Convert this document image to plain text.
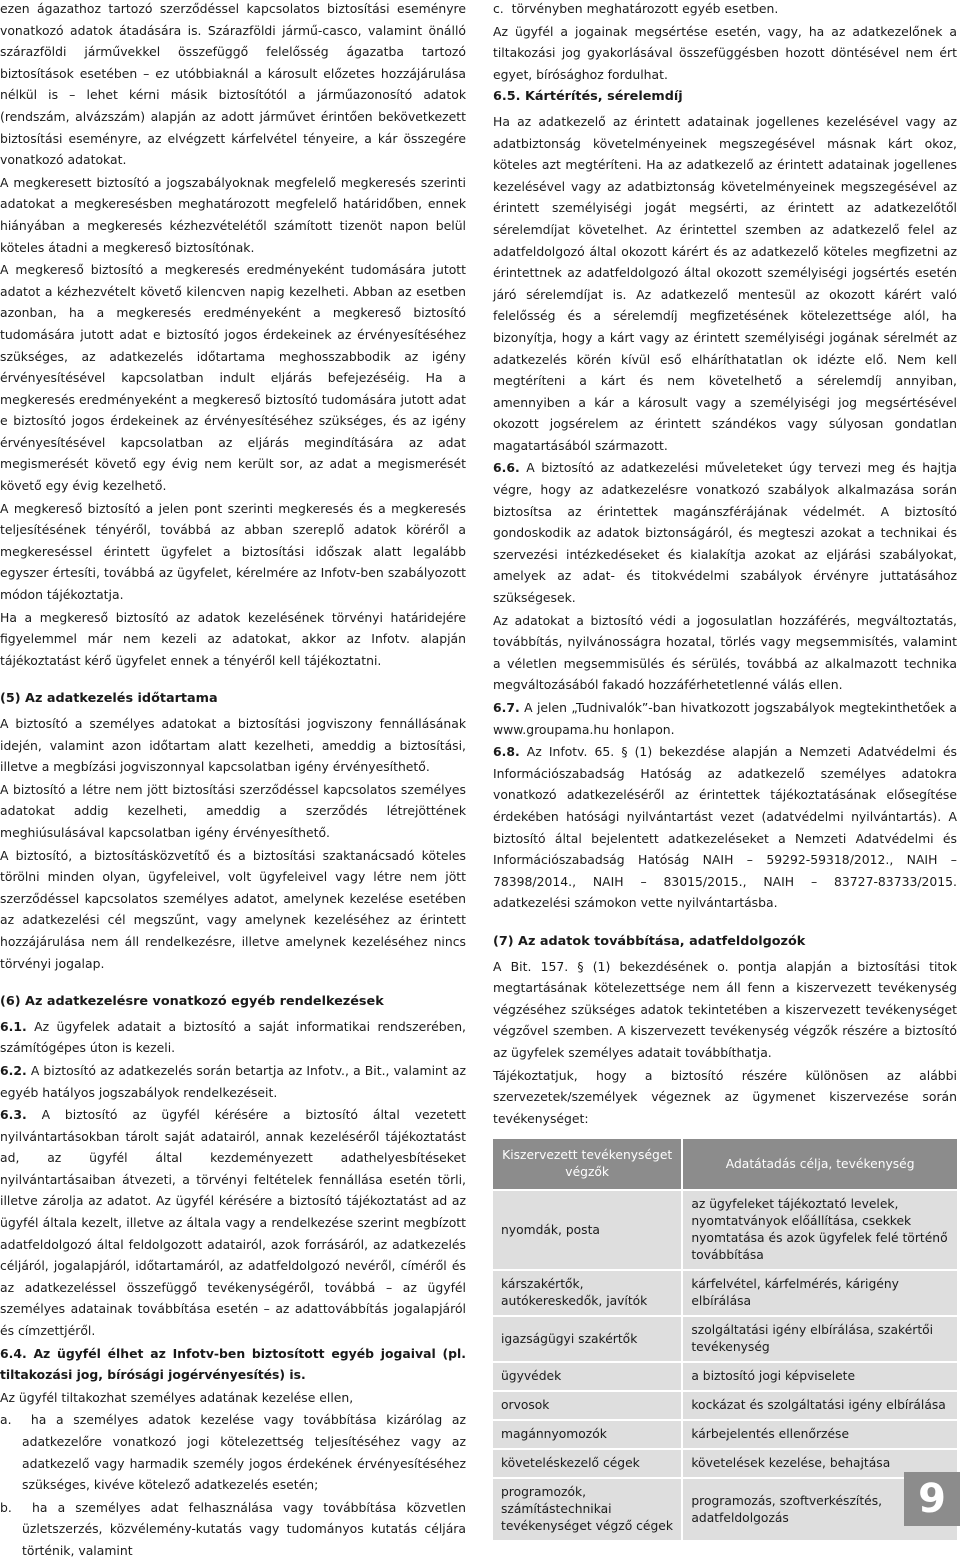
ezen ágazathoz tartozó szerződéssel kapcsolatos biztosítási eseményre vonatkozó adatok átadására is. Szárazföldi jármű-casco, valamint önálló szárazföldi járművekkel összefüggő felelősség ágazatba tartozó biztosítások esetében – ez utóbbiaknál a károsult előzetes hozzájárulása nélkül is – lehet kérni másik biztosítótól a járműazonosító adatok (rendszám, alvázszám) alapján az adott járművet érintően bekövetkezett biztosítási eseményre, az elvégzett kárfelvétel tényeire, a kár összegére vonatkozó adatokat.

A megkeresett biztosító a jogszabályoknak megfelelő megkeresés szerinti adatokat a megkeresésben meghatározott megfelelő határidőben, ennek hiányában a megkeresés kézhezvételétől számított tizenöt napon belül köteles átadni a megkereső biztosítónak.

A megkereső biztosító a megkeresés eredményeként tudomására jutott adatot a kézhezvételt követő kilencven napig kezelheti. Abban az esetben azonban, ha a megkeresés eredményeként a megkereső biztosító tudomására jutott adat e biztosító jogos érdekeinek az érvényesítéséhez szükséges, az adatkezelés időtartama meghosszabbodik az igény érvényesítésével kapcsolatban indult eljárás befejezéséig. Ha a megkeresés eredményeként a megkereső biztosító tudomására jutott adat e biztosító jogos érdekeinek az érvényesítéséhez szükséges, és az igény érvényesítésével kapcsolatban az eljárás megindítására az adat megismerését követő egy évig nem került sor, az adat a megismerését követő egy évig kezelhető.

A megkereső biztosító a jelen pont szerinti megkeresés és a megkeresés teljesítésének tényéről, továbbá az abban szereplő adatok köréről a megkereséssel érintett ügyfelet a biztosítási időszak alatt legalább egyszer értesíti, továbbá az ügyfelet, kérelmére az Infotv-ben szabályozott módon tájékoztatja.

Ha a megkereső biztosító az adatok kezelésének törvényi határidejére figyelemmel már nem kezeli az adatokat, akkor az Infotv. alapján tájékoztatást kérő ügyfelet ennek a tényéről kell tájékoztatni.

(5) Az adatkezelés időtartama

A biztosító a személyes adatokat a biztosítási jogviszony fennállásának idején, valamint azon időtartam alatt kezelheti, ameddig a biztosítási, illetve a megbízási jogviszonnyal kapcsolatban igény érvényesíthető.

A biztosító a létre nem jött biztosítási szerződéssel kapcsolatos személyes adatokat addig kezelheti, ameddig a szerződés létrejöttének meghiúsulásával kapcsolatban igény érvényesíthető.

A biztosító, a biztosításközvetítő és a biztosítási szaktanácsadó köteles törölni minden olyan, ügyfeleivel, volt ügyfeleivel vagy létre nem jött szerződéssel kapcsolatos személyes adatot, amelynek kezelése esetében az adatkezelési cél megszűnt, vagy amelynek kezeléséhez az érintett hozzájárulása nem áll rendelkezésre, illetve amelynek kezeléséhez nincs törvényi jogalap.

(6) Az adatkezelésre vonatkozó egyéb rendelkezések

6.1. Az ügyfelek adatait a biztosító a saját informatikai rendszerében, számítógépes úton is kezeli.

6.2. A biztosító az adatkezelés során betartja az Infotv., a Bit., valamint az egyéb hatályos jogszabályok rendelkezéseit.

6.3. A biztosító az ügyfél kérésére a biztosító által vezetett nyilvántartásokban tárolt saját adatairól, annak kezeléséről tájékoztatást ad, az ügyfél által kezdeményezett adathelyesbítéseket nyilvántartásaiban átvezeti, a törvényi feltételek fennállása esetén törli, illetve zárolja az adatot. Az ügyfél kérésére a biztosító tájékoztatást ad az ügyfél általa kezelt, illetve az általa vagy a rendelkezése szerint megbízott adatfeldolgozó által feldolgozott adatairól, azok forrásáról, az adatkezelés céljáról, jogalapjáról, időtartamáról, az adatfeldolgozó nevéről, címéről és az adatkezeléssel összefüggő tevékenységéről, továbbá – az ügyfél személyes adatainak továbbítása esetén – az adattovábbítás jogalapjáról és címzettjéről.

6.4. Az ügyfél élhet az Infotv-ben biztosított egyéb jogaival (pl. tiltakozási jog, bírósági jogérvényesítés) is.

Az ügyfél tiltakozhat személyes adatának kezelése ellen,

a.  ha a személyes adatok kezelése vagy továbbítása kizárólag az adatkezelőre vonatkozó jogi kötelezettség teljesítéséhez vagy az adatkezelő vagy harmadik személy jogos érdekének érvényesítéséhez szükséges, kivéve kötelező adatkezelés esetén;

b.  ha a személyes adat felhasználása vagy továbbítása közvetlen üzletszerzés, közvélemény-kutatás vagy tudományos kutatás céljára történik, valamint

c.  törvényben meghatározott egyéb esetben.

Az ügyfél a jogainak megsértése esetén, vagy, ha az adatkezelőnek a tiltakozási jog gyakorlásával összefüggésben hozott döntésével nem ért egyet, bírósághoz fordulhat.

6.5. Kártérítés, sérelemdíj

Ha az adatkezelő az érintett adatainak jogellenes kezelésével vagy az adatbiztonság követelményeinek megszegésével másnak kárt okoz, köteles azt megtéríteni. Ha az adatkezelő az érintett adatainak jogellenes kezelésével vagy az adatbiztonság követelményeinek megszegésével az érintett személyiségi jogát megsérti, az érintett az adatkezelőtől sérelemdíjat követelhet. Az érintettel szemben az adatkezelő felel az adatfeldolgozó által okozott kárért és az adatkezelő köteles megfizetni az érintettnek az adatfeldolgozó által okozott személyiségi jogsértés esetén járó sérelemdíjat is. Az adatkezelő mentesül az okozott kárért való felelősség és a sérelemdíj megfizetésének kötelezettsége alól, ha bizonyítja, hogy a kárt vagy az érintett személyiségi jogának sérelmét az adatkezelés körén kívül eső elháríthatatlan ok idézte elő. Nem kell megtéríteni a kárt és nem követelhető a sérelemdíj annyiban, amennyiben a kár a károsult vagy a személyiségi jog megsértésével okozott jogsérelem az érintett szándékos vagy súlyosan gondatlan magatartásából származott.

6.6. A biztosító az adatkezelési műveleteket úgy tervezi meg és hajtja végre, hogy az adatkezelésre vonatkozó szabályok alkalmazása során biztosítsa az érintettek magánszférájának védelmét. A biztosító gondoskodik az adatok biztonságáról, és megteszi azokat a technikai és szervezési intézkedéseket és kialakítja azokat az eljárási szabályokat, amelyek az adat- és titokvédelmi szabályok érvényre juttatásához szükségesek.

Az adatokat a biztosító védi a jogosulatlan hozzáférés, megváltoztatás, továbbítás, nyilvánosságra hozatal, törlés vagy megsemmisítés, valamint a véletlen megsemmisülés és sérülés, továbbá az alkalmazott technika megváltozásából fakadó hozzáférhetetlenné válás ellen.

6.7. A jelen „Tudnivalók”-ban hivatkozott jogszabályok megtekinthetőek a www.groupama.hu honlapon.

6.8. Az Infotv. 65. § (1) bekezdése alapján a Nemzeti Adatvédelmi és Információszabadság Hatóság az adatkezelő személyes adatokra vonatkozó adatkezeléséről az érintettek tájékoztatásának elősegítése érdekében hatósági nyilvántartást vezet (adatvédelmi nyilvántartás). A biztosító által bejelentett adatkezeléseket a Nemzeti Adatvédelmi és Információszabadság Hatóság NAIH – 59292-59318/2012., NAIH – 78398/2014., NAIH – 83015/2015., NAIH – 83727-83733/2015. adatkezelési számokon vette nyilvántartásba.

(7) Az adatok továbbítása, adatfeldolgozók

A Bit. 157. § (1) bekezdésének o. pontja alapján a biztosítási titok megtartásának kötelezettsége nem áll fenn a kiszervezett tevékenység végzéséhez szükséges adatok tekintetében a kiszervezett tevékenységet végzővel szemben. A kiszervezett tevékenység végzők részére a biztosító az ügyfelek személyes adatait továbbíthatja.

Tájékoztatjuk, hogy a biztosító részére különösen az alábbi szervezetek/személyek végeznek az ügymenet kiszervezése során tevékenységet:

Kiszervezett tevékenységet végzők	Adatátadás célja, tevékenység
nyomdák, posta	az ügyfeleket tájékoztató levelek, nyomtatványok előállítása, csekkek nyomtatása és azok ügyfelek felé történő továbbítása
kárszakértők, autókereskedők, javítók	kárfelvétel, kárfelmérés, kárigény elbírálása
igazságügyi szakértők	szolgáltatási igény elbírálása, szakértői tevékenység
ügyvédek	a biztosító jogi képviselete
orvosok	kockázat és szolgáltatási igény elbírálása
magánnyomozók	kárbejelentés ellenőrzése
követeléskezelő cégek	követelések kezelése, behajtása
programozók, számítástechnikai tevékenységet végző cégek	programozás, szoftverkészítés, adatfeldolgozás	9
